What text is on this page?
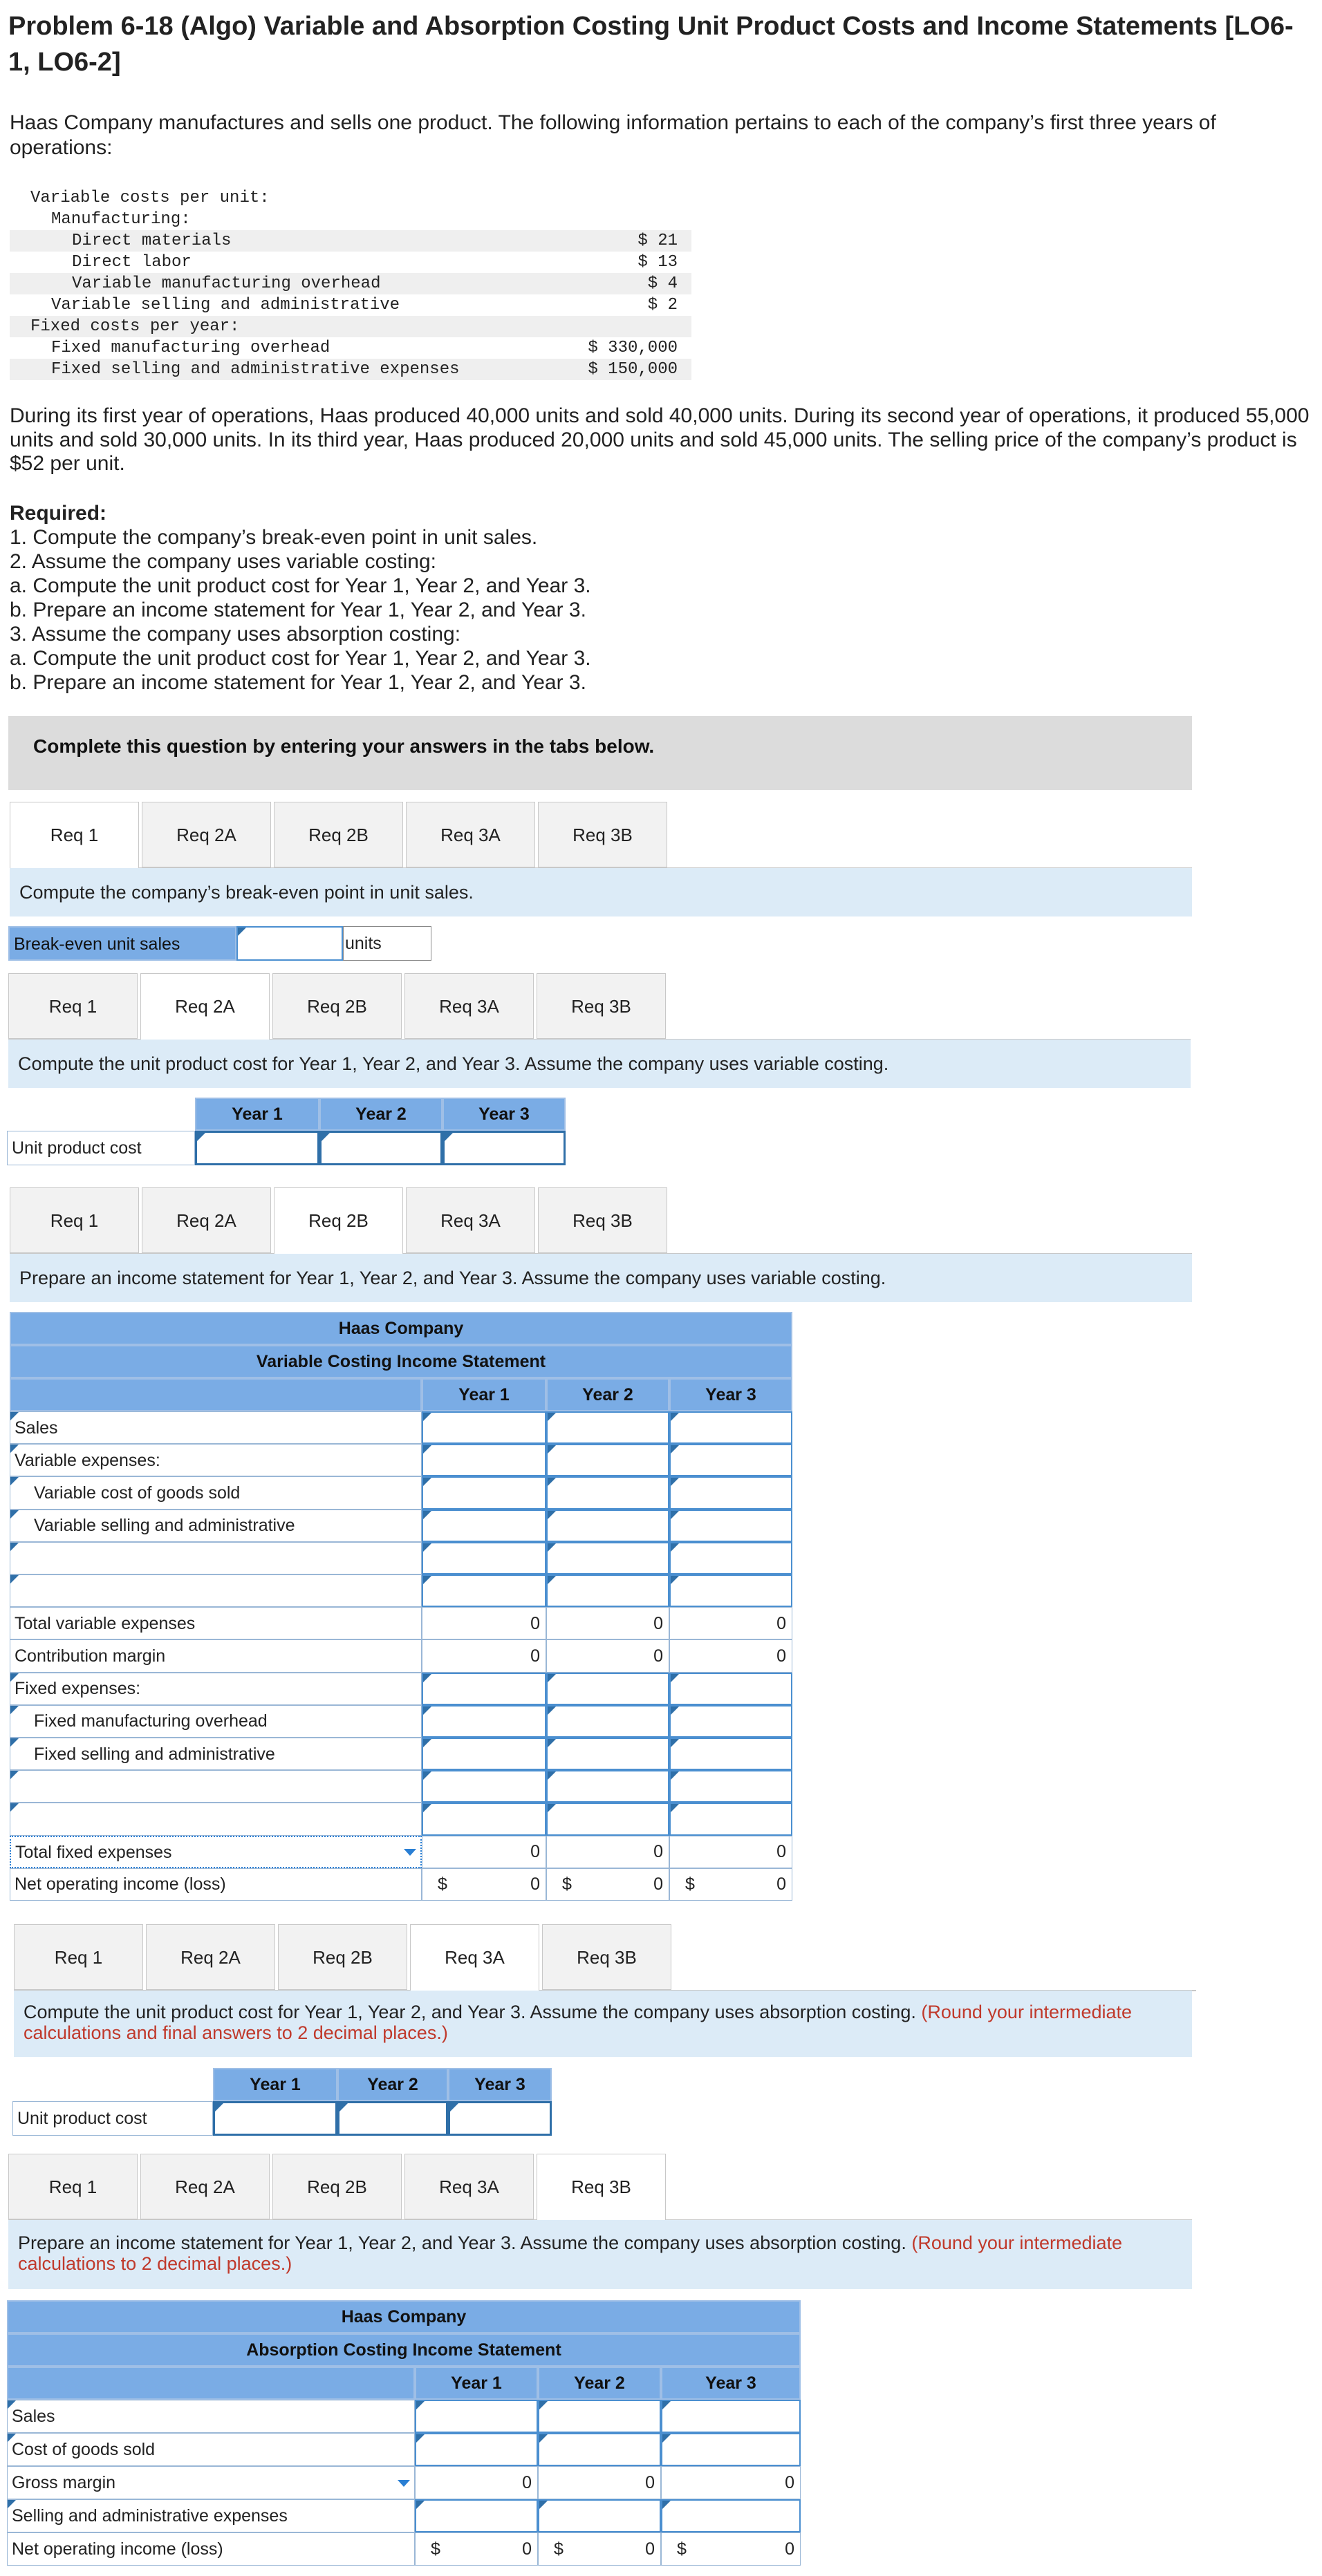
Problem 6-18 (Algo) Variable and Absorption Costing Unit Product Costs and Income Statements [LO6-1, LO6-2]
Haas Company manufactures and sells one product. The following information pertains to each of the company’s first three years of operations:

Variable costs per unit:

Manufacturing:

Direct materials	$ 21

Direct labor	$ 13

Variable manufacturing overhead	$ 4

Variable selling and administrative	$ 2

Fixed costs per year:

Fixed manufacturing overhead	$ 330,000

Fixed selling and administrative expenses	$ 150,000

During its first year of operations, Haas produced 40,000 units and sold 40,000 units. During its second year of operations, it produced 55,000 units and sold 30,000 units. In its third year, Haas produced 20,000 units and sold 45,000 units. The selling price of the company’s product is $52 per unit.
Required:
1. Compute the company’s break-even point in unit sales.
2. Assume the company uses variable costing:
a. Compute the unit product cost for Year 1, Year 2, and Year 3.
b. Prepare an income statement for Year 1, Year 2, and Year 3.
3. Assume the company uses absorption costing:
a. Compute the unit product cost for Year 1, Year 2, and Year 3.
b. Prepare an income statement for Year 1, Year 2, and Year 3.
Complete this question by entering your answers in the tabs below.
Req 1	Req 2A	Req 2B	Req 3A	Req 3B
Compute the company’s break-even point in unit sales.
Break-even unit sales	units
Req 1	Req 2A	Req 2B	Req 3A	Req 3B
Compute the unit product cost for Year 1, Year 2, and Year 3. Assume the company uses variable costing.
Year 1	Year 2	Year 3
Unit product cost
Req 1	Req 2A	Req 2B	Req 3A	Req 3B
Prepare an income statement for Year 1, Year 2, and Year 3. Assume the company uses variable costing.
Haas Company
Variable Costing Income Statement
Year 1	Year 2	Year 3
Sales
Variable expenses:
Variable cost of goods sold
Variable selling and administrative
Total variable expenses	0	0	0
Contribution margin	0	0	0
Fixed expenses:
Fixed manufacturing overhead
Fixed selling and administrative
Total fixed expenses	0	0	0
Net operating income (loss)	$	0 $	0 $	0
Req 1	Req 2A	Req 2B	Req 3A	Req 3B
Compute the unit product cost for Year 1, Year 2, and Year 3. Assume the company uses absorption costing. (Round your intermediate calculations and final answers to 2 decimal places.)
Year 1	Year 2	Year 3
Unit product cost
Req 1	Req 2A	Req 2B	Req 3A	Req 3B
Prepare an income statement for Year 1, Year 2, and Year 3. Assume the company uses absorption costing. (Round your intermediate calculations to 2 decimal places.)
Haas Company
Absorption Costing Income Statement
Year 1	Year 2	Year 3
Sales
Cost of goods sold
Gross margin	0	0	0
Selling and administrative expenses
Net operating income (loss)	$	0 $	0 $	0
